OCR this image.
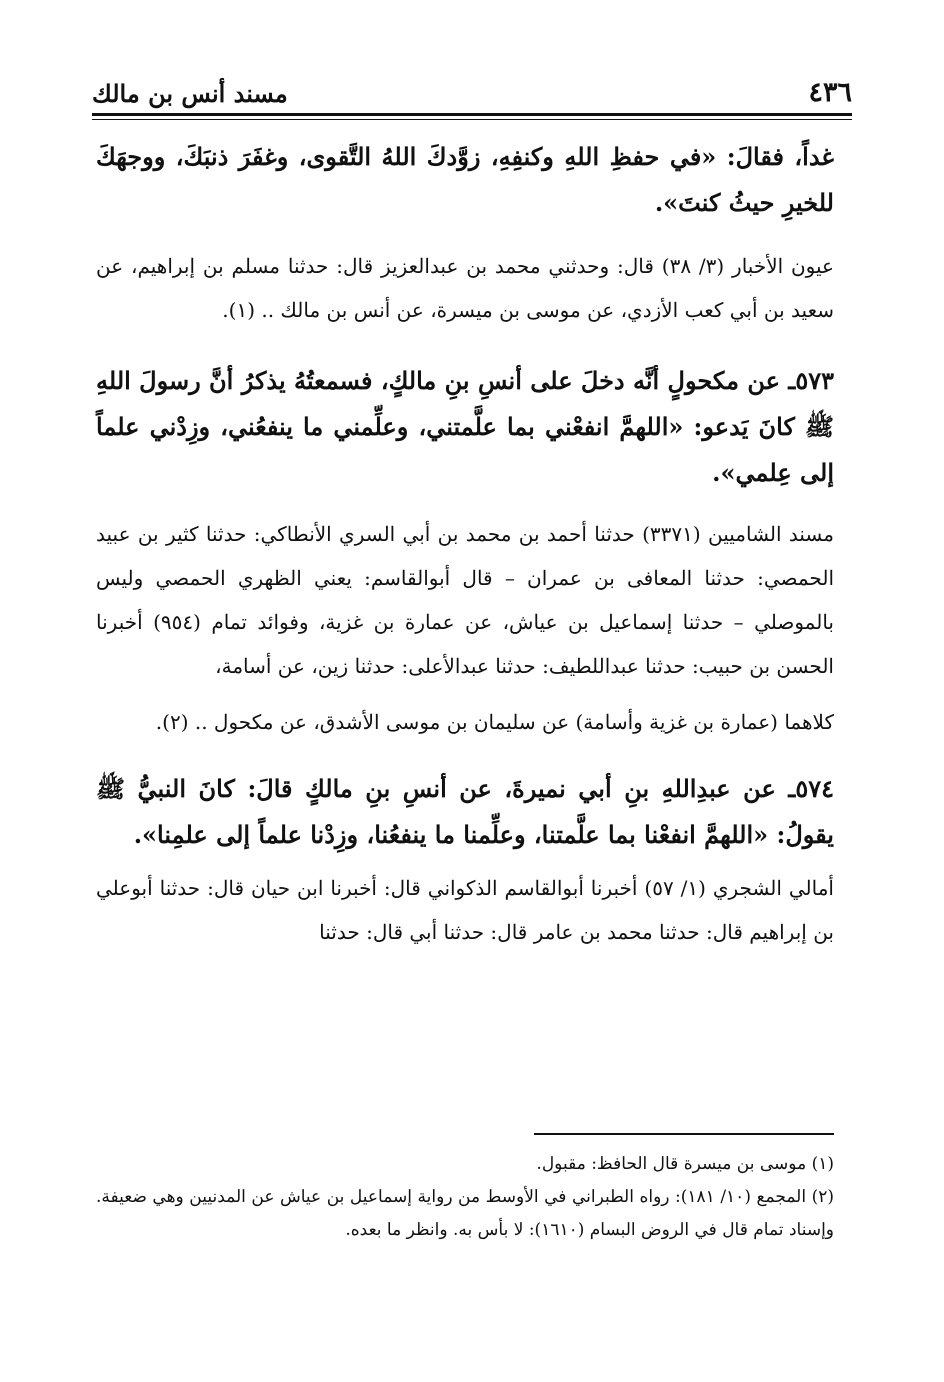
٤٣٦
مسند أنس بن مالك

غداً، فقالَ: «في حفظِ اللهِ وكنفِهِ، زوَّدكَ اللهُ التَّقوى، وغفَرَ ذنبَكَ، ووجهَكَ للخيرِ حيثُ كنتَ».

عيون الأخبار (٣/ ٣٨) قال: وحدثني محمد بن عبدالعزيز قال: حدثنا مسلم بن إبراهيم، عن سعيد بن أبي كعب الأزدي، عن موسى بن ميسرة، عن أنس بن مالك .. (١).

٥٧٣ـ عن مكحولٍ أنَّه دخلَ على أنسِ بنِ مالكٍ، فسمعتُهُ يذكرُ أنَّ رسولَ اللهِ ﷺ كانَ يَدعو: «اللهمَّ انفعْني بما علَّمتني، وعلِّمني ما ينفعُني، وزِدْني علماً إلى عِلمي».

مسند الشاميين (٣٣٧١) حدثنا أحمد بن محمد بن أبي السري الأنطاكي: حدثنا كثير بن عبيد الحمصي: حدثنا المعافى بن عمران – قال أبوالقاسم: يعني الظهري الحمصي وليس بالموصلي – حدثنا إسماعيل بن عياش، عن عمارة بن غزية، وفوائد تمام (٩٥٤) أخبرنا الحسن بن حبيب: حدثنا عبداللطيف: حدثنا عبدالأعلى: حدثنا زين، عن أسامة،

كلاهما (عمارة بن غزية وأسامة) عن سليمان بن موسى الأشدق، عن مكحول .. (٢).

٥٧٤ـ عن عبدِاللهِ بنِ أبي نميرةَ، عن أنسِ بنِ مالكٍ قالَ: كانَ النبيُّ ﷺ يقولُ: «اللهمَّ انفعْنا بما علَّمتنا، وعلِّمنا ما ينفعُنا، وزِدْنا علماً إلى علمِنا».

أمالي الشجري (١/ ٥٧) أخبرنا أبوالقاسم الذكواني قال: أخبرنا ابن حيان قال: حدثنا أبوعلي بن إبراهيم قال: حدثنا محمد بن عامر قال: حدثنا أبي قال: حدثنا

(١) موسى بن ميسرة قال الحافظ: مقبول.

(٢) المجمع (١٠/ ١٨١): رواه الطبراني في الأوسط من رواية إسماعيل بن عياش عن المدنيين وهي ضعيفة. وإسناد تمام قال في الروض البسام (١٦١٠): لا بأس به. وانظر ما بعده.
